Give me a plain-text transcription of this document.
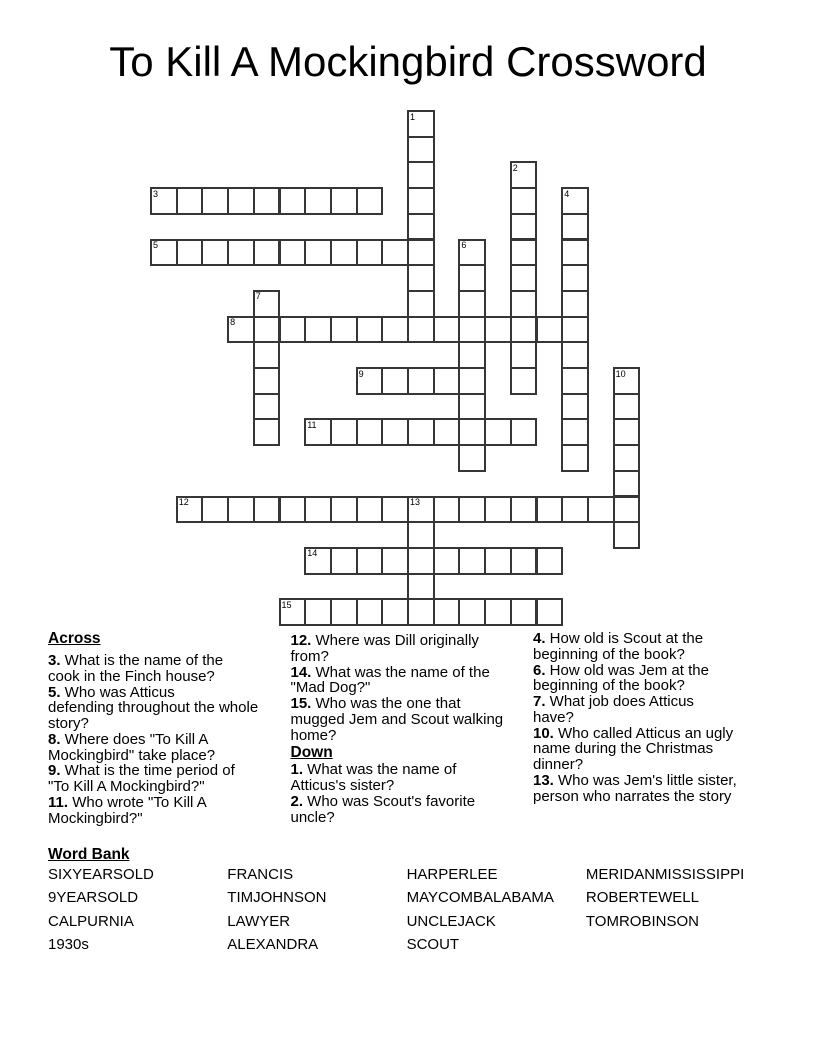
To Kill A Mockingbird Crossword
1
2
3	4
5	6
7
8
9	10
11
12	13
14
15
Across
3. What is the name of the
cook in the Finch house?
5. Who was Atticus
defending throughout the whole
story?
8. Where does "To Kill A
Mockingbird" take place?
9. What is the time period of
"To Kill A Mockingbird?"
11. Who wrote "To Kill A
Mockingbird?"
12. Where was Dill originally
from?
14. What was the name of the
"Mad Dog?"
15. Who was the one that
mugged Jem and Scout walking
home?
Down
1. What was the name of
Atticus's sister?
2. Who was Scout's favorite
uncle?
4. How old is Scout at the
beginning of the book?
6. How old was Jem at the
beginning of the book?
7. What job does Atticus
have?
10. Who called Atticus an ugly
name during the Christmas
dinner?
13. Who was Jem's little sister,
person who narrates the story
Word Bank
SIXYEARSOLD	FRANCIS	HARPERLEE	MERIDANMISSISSIPPI
9YEARSOLD	TIMJOHNSON	MAYCOMBALABAMA	ROBERTEWELL
CALPURNIA	LAWYER	UNCLEJACK	TOMROBINSON
1930s	ALEXANDRA	SCOUT
